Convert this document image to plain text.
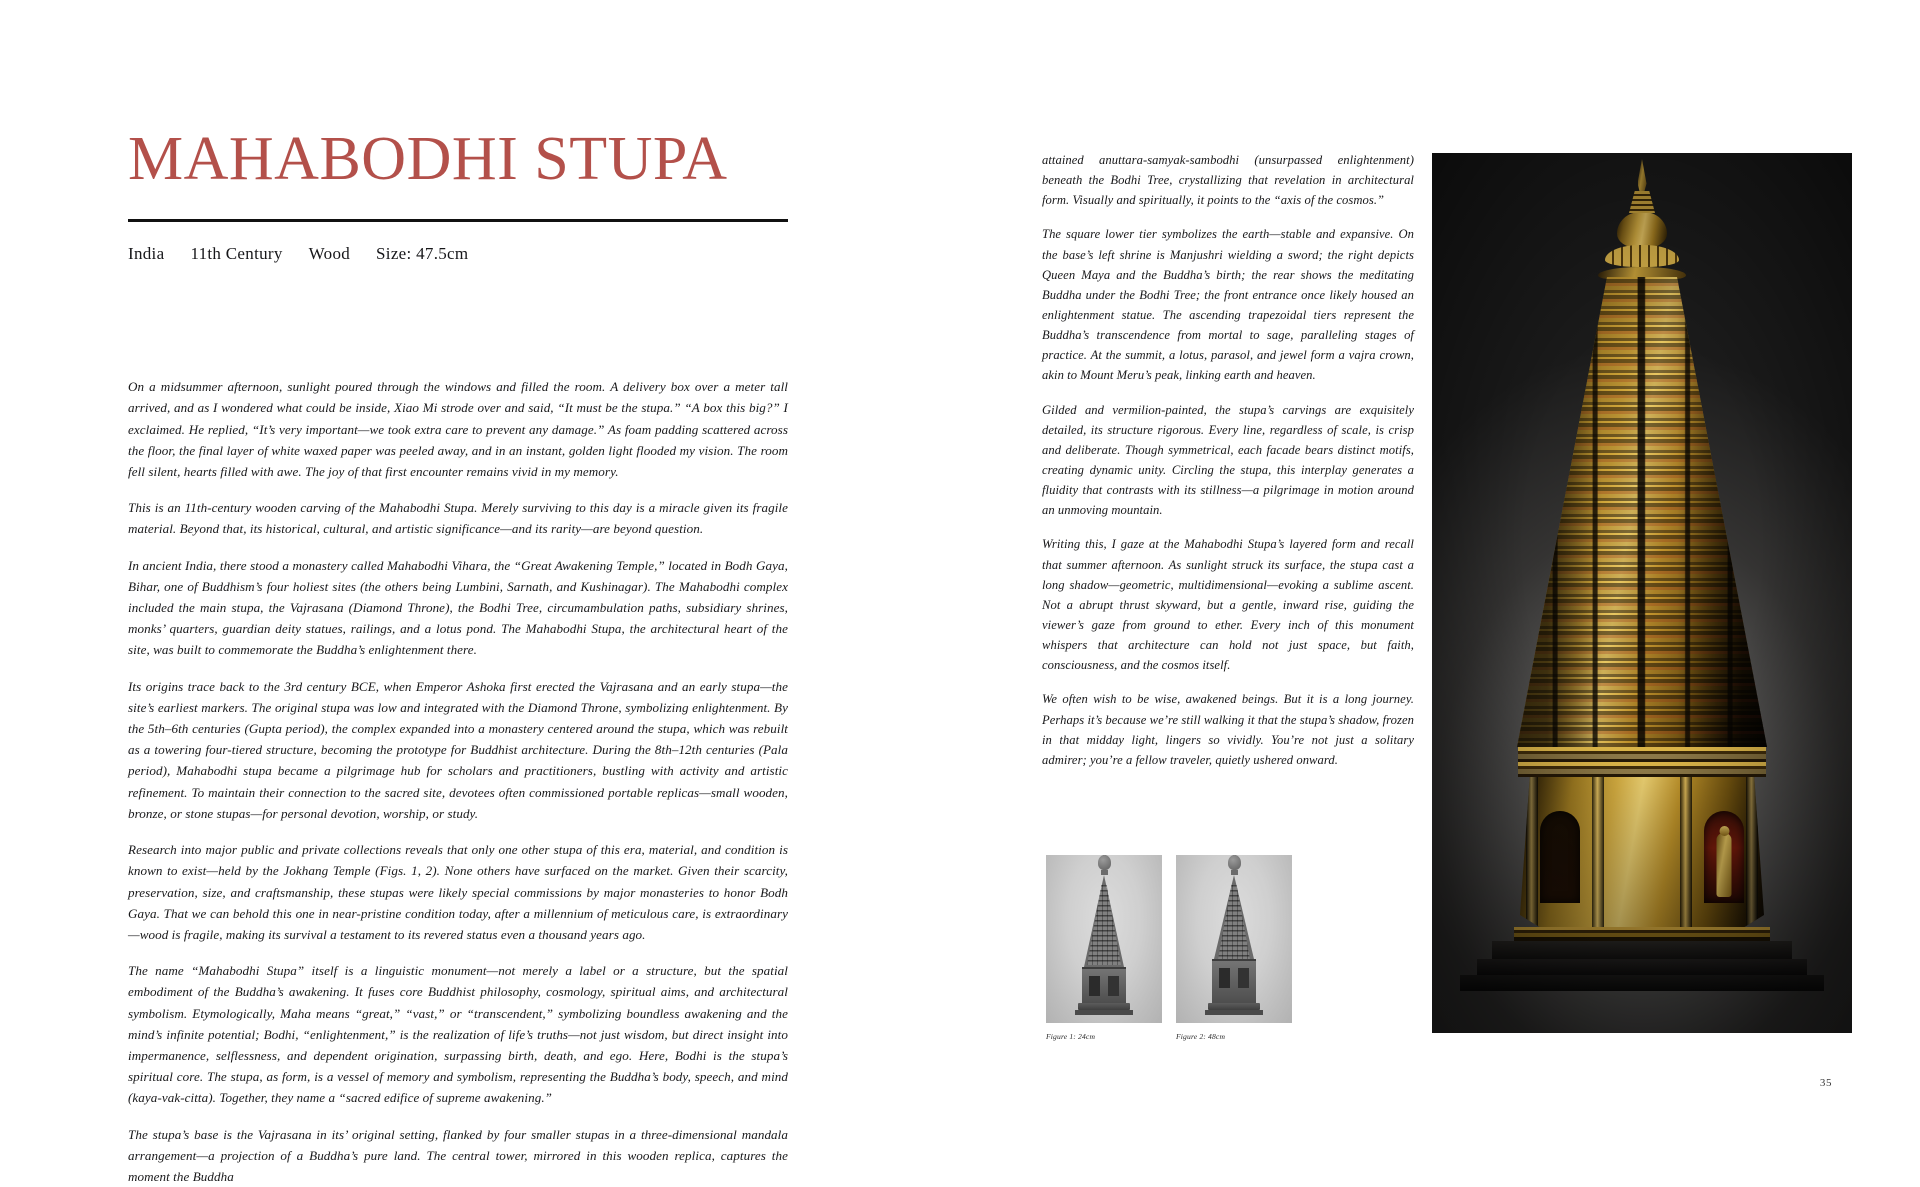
MAHABODHI STUPA
India 11th Century Wood Size: 47.5cm

On a midsummer afternoon, sunlight poured through the windows and filled the room. A delivery box over a meter tall arrived, and as I wondered what could be inside, Xiao Mi strode over and said, “It must be the stupa.” “A box this big?” I exclaimed. He replied, “It’s very important—we took extra care to prevent any damage.” As foam padding scattered across the floor, the final layer of white waxed paper was peeled away, and in an instant, golden light flooded my vision. The room fell silent, hearts filled with awe. The joy of that first encounter remains vivid in my memory.

This is an 11th-century wooden carving of the Mahabodhi Stupa. Merely surviving to this day is a miracle given its fragile material. Beyond that, its historical, cultural, and artistic significance—and its rarity—are beyond question.

In ancient India, there stood a monastery called Mahabodhi Vihara, the “Great Awakening Temple,” located in Bodh Gaya, Bihar, one of Buddhism’s four holiest sites (the others being Lumbini, Sarnath, and Kushinagar). The Mahabodhi complex included the main stupa, the Vajrasana (Diamond Throne), the Bodhi Tree, circumambulation paths, subsidiary shrines, monks’ quarters, guardian deity statues, railings, and a lotus pond. The Mahabodhi Stupa, the architectural heart of the site, was built to commemorate the Buddha’s enlightenment there.

Its origins trace back to the 3rd century BCE, when Emperor Ashoka first erected the Vajrasana and an early stupa—the site’s earliest markers. The original stupa was low and integrated with the Diamond Throne, symbolizing enlightenment. By the 5th–6th centuries (Gupta period), the complex expanded into a monastery centered around the stupa, which was rebuilt as a towering four-tiered structure, becoming the prototype for Buddhist architecture. During the 8th–12th centuries (Pala period), Mahabodhi stupa became a pilgrimage hub for scholars and practitioners, bustling with activity and artistic refinement. To maintain their connection to the sacred site, devotees often commissioned portable replicas—small wooden, bronze, or stone stupas—for personal devotion, worship, or study.

Research into major public and private collections reveals that only one other stupa of this era, material, and condition is known to exist—held by the Jokhang Temple (Figs. 1, 2). None others have surfaced on the market. Given their scarcity, preservation, size, and craftsmanship, these stupas were likely special commissions by major monasteries to honor Bodh Gaya. That we can behold this one in near-pristine condition today, after a millennium of meticulous care, is extraordinary—wood is fragile, making its survival a testament to its revered status even a thousand years ago.

The name “Mahabodhi Stupa” itself is a linguistic monument—not merely a label or a structure, but the spatial embodiment of the Buddha’s awakening. It fuses core Buddhist philosophy, cosmology, spiritual aims, and architectural symbolism. Etymologically, Maha means “great,” “vast,” or “transcendent,” symbolizing boundless awakening and the mind’s infinite potential; Bodhi, “enlightenment,” is the realization of life’s truths—not just wisdom, but direct insight into impermanence, selflessness, and dependent origination, surpassing birth, death, and ego. Here, Bodhi is the stupa’s spiritual core. The stupa, as form, is a vessel of memory and symbolism, representing the Buddha’s body, speech, and mind (kaya-vak-citta). Together, they name a “sacred edifice of supreme awakening.”

The stupa’s base is the Vajrasana in its’ original setting, flanked by four smaller stupas in a three-dimensional mandala arrangement—a projection of a Buddha’s pure land. The central tower, mirrored in this wooden replica, captures the moment the Buddha

attained anuttara-samyak-sambodhi (unsurpassed enlightenment) beneath the Bodhi Tree, crystallizing that revelation in architectural form. Visually and spiritually, it points to the “axis of the cosmos.”

The square lower tier symbolizes the earth—stable and expansive. On the base’s left shrine is Manjushri wielding a sword; the right depicts Queen Maya and the Buddha’s birth; the rear shows the meditating Buddha under the Bodhi Tree; the front entrance once likely housed an enlightenment statue. The ascending trapezoidal tiers represent the Buddha’s transcendence from mortal to sage, paralleling stages of practice. At the summit, a lotus, parasol, and jewel form a vajra crown, akin to Mount Meru’s peak, linking earth and heaven.

Gilded and vermilion-painted, the stupa’s carvings are exquisitely detailed, its structure rigorous. Every line, regardless of scale, is crisp and deliberate. Though symmetrical, each facade bears distinct motifs, creating dynamic unity. Circling the stupa, this interplay generates a fluidity that contrasts with its stillness—a pilgrimage in motion around an unmoving mountain.

Writing this, I gaze at the Mahabodhi Stupa’s layered form and recall that summer afternoon. As sunlight struck its surface, the stupa cast a long shadow—geometric, multidimensional—evoking a sublime ascent. Not a abrupt thrust skyward, but a gentle, inward rise, guiding the viewer’s gaze from ground to ether. Every inch of this monument whispers that architecture can hold not just space, but faith, consciousness, and the cosmos itself.

We often wish to be wise, awakened beings. But it is a long journey. Perhaps it’s because we’re still walking it that the stupa’s shadow, frozen in that midday light, lingers so vividly. You’re not just a solitary admirer; you’re a fellow traveler, quietly ushered onward.

Figure 1: 24cm	Figure 2: 48cm
35
